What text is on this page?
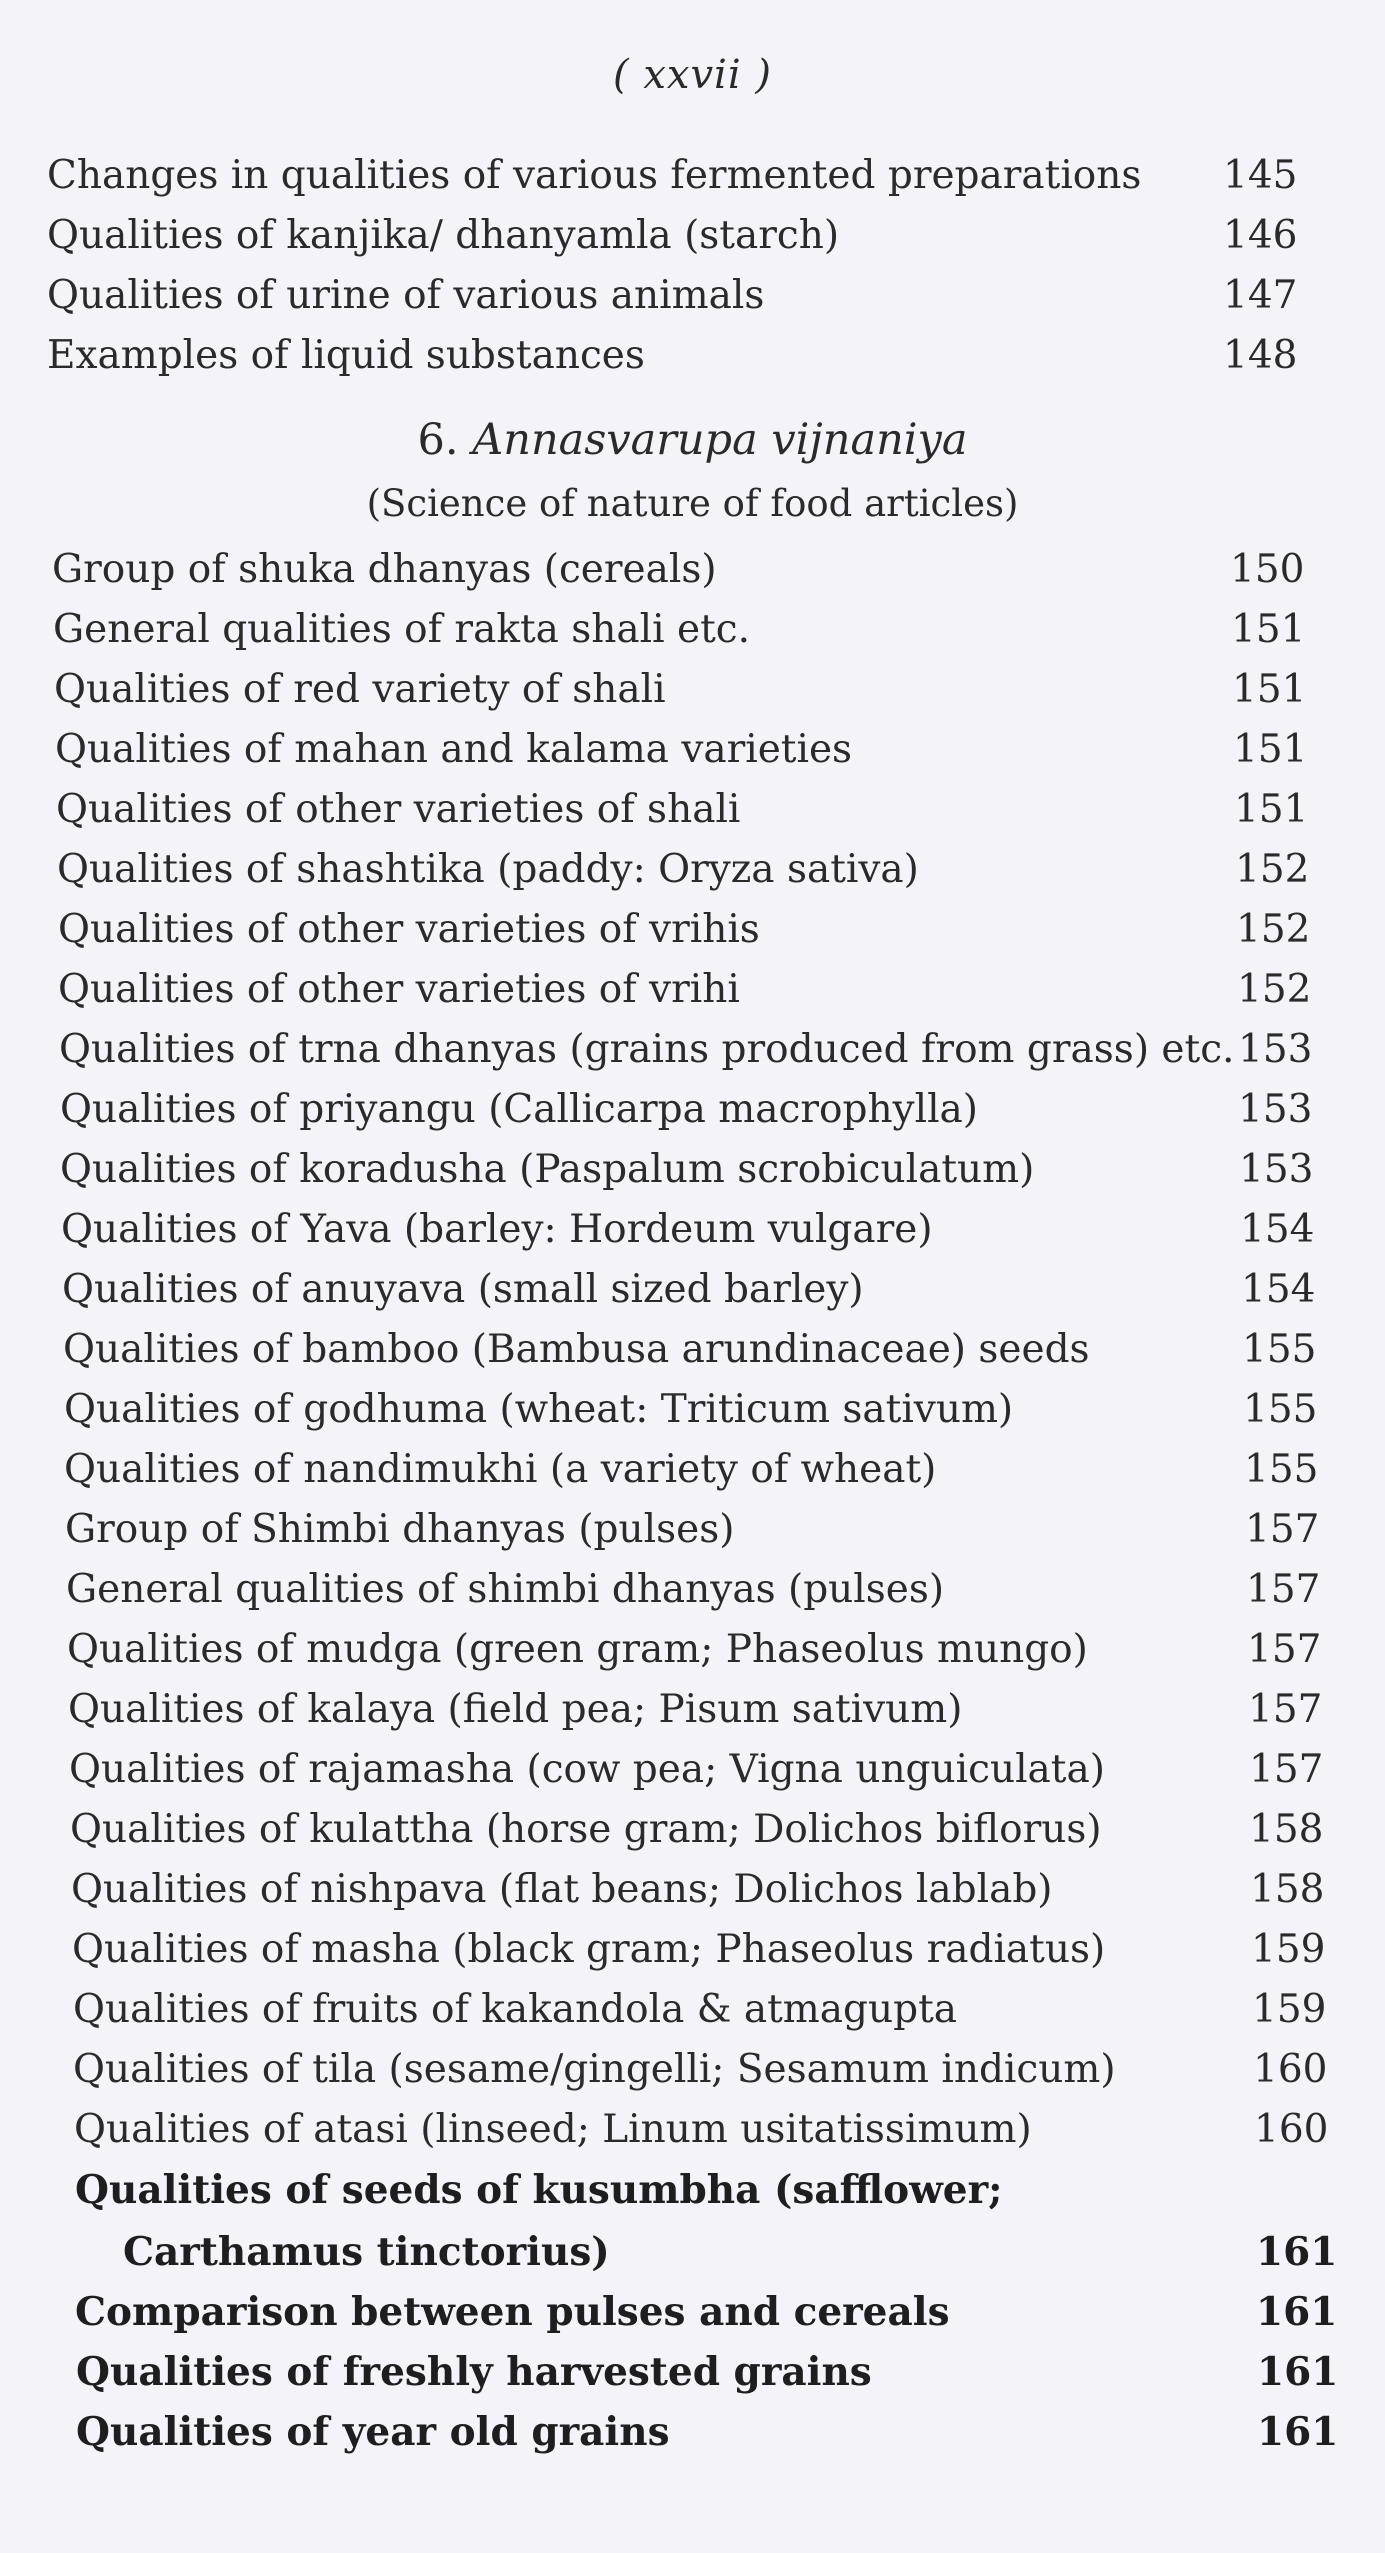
( xxvii )
Changes in qualities of various fermented preparations 145
Qualities of kanjika/ dhanyamla (starch)	146
Qualities of urine of various animals	147
Examples of liquid substances	148
6. Annasvarupa vijnaniya
(Science of nature of food articles)
Group of shuka dhanyas (cereals)	150
General qualities of rakta shali etc.	151
Qualities of red variety of shali	151
Qualities of mahan and kalama varieties	151
Qualities of other varieties of shali	151
Qualities of shashtika (paddy: Oryza sativa)	152
Qualities of other varieties of vrihis	152
Qualities of other varieties of vrihi	152
Qualities of trna dhanyas (grains produced from grass) etc. 153
Qualities of priyangu (Callicarpa macrophylla)	153
Qualities of koradusha (Paspalum scrobiculatum)	153
Qualities of Yava (barley: Hordeum vulgare)	154
Qualities of anuyava (small sized barley)	154
Qualities of bamboo (Bambusa arundinaceae) seeds	155
Qualities of godhuma (wheat: Triticum sativum)	155
Qualities of nandimukhi (a variety of wheat)	155
Group of Shimbi dhanyas (pulses)	157
General qualities of shimbi dhanyas (pulses)	157
Qualities of mudga (green gram; Phaseolus mungo)	157
Qualities of kalaya (field pea; Pisum sativum)	157
Qualities of rajamasha (cow pea; Vigna unguiculata)	157
Qualities of kulattha (horse gram; Dolichos biflorus)	158
Qualities of nishpava (flat beans; Dolichos lablab)	158
Qualities of masha (black gram; Phaseolus radiatus)	159
Qualities of fruits of kakandola & atmagupta	159
Qualities of tila (sesame/gingelli; Sesamum indicum)	160
Qualities of atasi (linseed; Linum usitatissimum)	160
Qualities of seeds of kusumbha (safflower;
Carthamus tinctorius)	161
Comparison between pulses and cereals	161
Qualities of freshly harvested grains	161
Qualities of year old grains	161
